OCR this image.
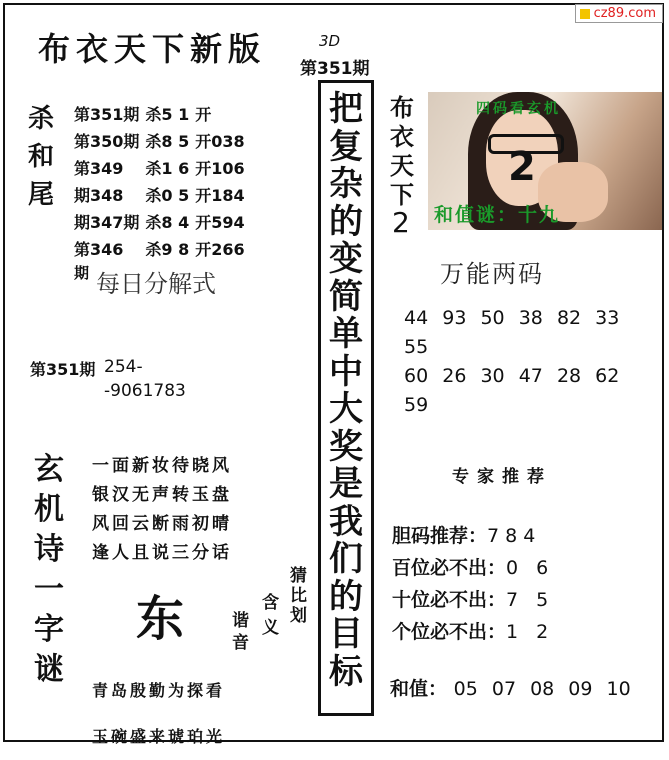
cz89.com
布衣天下新版	3D
第351期
杀
和
尾
第351期	杀5 1	开
第350期	杀8 5	开038
第349	杀1 6	开106
期348	杀0 5	开184
期347期	杀8 4	开594
第346	杀9 8	开266
期 每日分解式
第351期 254-
-9061783
玄
机
诗
一
字
谜
一面新妆待晓风
银汉无声转玉盘
风回云断雨初晴
逢人且说三分话
东
猜
比
划
含
义
谐
音
青岛殷勤为探看
玉碗盛来琥珀光
把
复
杂
的
变
简
单
中
大
奖
是
我
们
的
目
标
布
衣
天
下
2
四码看玄机
2
和值谜：十九
万能两码
44 93 50 38 82 33 55
60 26 30 47 28 62 59
专家推荐
胆码推荐：784
百位必不出：0 6
十位必不出：7 5
个位必不出：1 2
和值： 05 07 08 09 10
